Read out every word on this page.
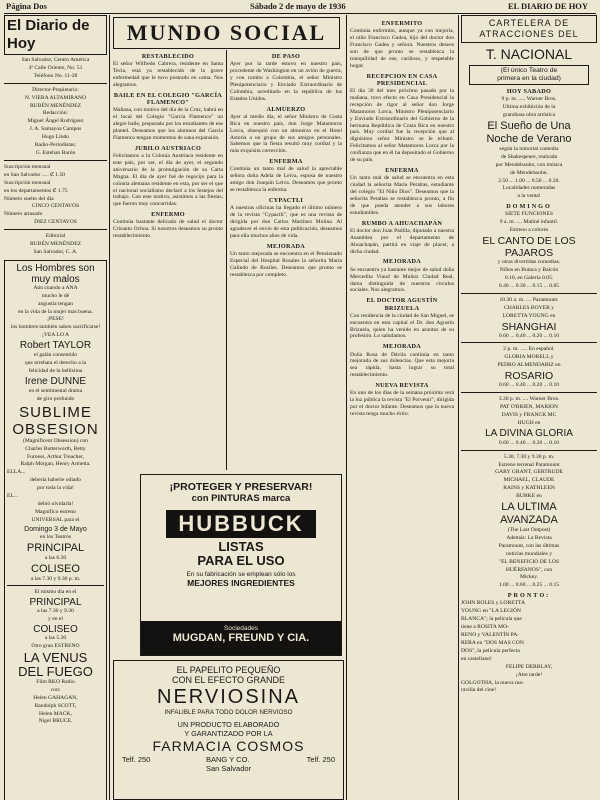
Página Dos	Sábado 2 de mayo de 1936	EL DIARIO DE HOY
El Diario de Hoy
San Salvador, Centro América
4ª Calle Oriente, No. 51
Teléfono No. 11-28
Director-Propietario:
N. VIERA ALTAMIRANO
RUBÉN MENÉNDEZ
Redacción:
Miguel Ángel Rodríguez
J. A. Samayoa Campos
Hugo Lindo
Radio-Periodistas:
G. Esteban Barón
Suscripción mensual
en San Salvador ..... ₡ 1.50
Suscripción mensual
en los departamentos ₡ 1.75
Número suelto del día
CINCO CENTAVOS
Número atrasado
DIEZ CENTAVOS
Editorial
RUBÉN MENÉNDEZ
San Salvador, C. A.
Los Hombres son
muy malos
Aún cuando a ANA
mucho le dé
angustia tengan
en la vida de la mujer más buena.
¡PESE!
los hombres también saben sacrificarse!
¡VEA LO A
Robert TAYLOR
el galán consentido
que arrebata el derecho a la
felicidad de la bellísima
Irene DUNNE
en el sentimental drama
de giro profundo
SUBLIME
OBSESION
(Magnificent Obsession) con
Charles Butterworth, Betty
Furness, Arthur Treacher,
Ralph Morgan, Henry Armetta.
ELLA...
debería haberle odiado
por toda la vida!
EL...
debió olvidarla!
Magnífico estreno
UNIVERSAL para el
Domingo 3 de Mayo
en los Teatros
PRINCIPAL
a las 6.30
COLISEO
a las 7.30 y 9.30 p. m.
El mismo día en el
PRINCIPAL
a las 7.30 y 9.30
y en el
COLISEO
a las 5.30
Otro gran ESTRENO
LA VENUS
DEL FUEGO
Film RKO Radio
con:
Helen GAHAGAN,
Randolph SCOTT,
Helen MACK,
Nigel BRUCE.
MUNDO SOCIAL
RESTABLECIDO
El señor Wilfredo Cabrera, residente en Santa Tecla, está ya restablecido de la grave enfermedad que le tuvo postrado en cama. Nos alegramos.
BAILE EN EL COLEGIO "GARCÍA FLAMENCO"
Mañana, con motivo del día de la Cruz, habrá en el local del Colegio "García Flamenco" un alegre baile, preparado por los estudiantes de ese plantel. Deseamos que los alumnos del García Flamenco tengan momentos de sana expansión.
JUBILO AUSTRIACO
Felicitamos a la Colonia Austriaca residente en este país, por ser, el día de ayer, el segundo aniversario de la promulgación de su Carta Magna. El día de ayer fué de regocijo para la colonia alemana residente en esta, por ser el que el nacional socialismo declaró a los festejos del trabajo. Con este motivo, asistimos a las fiestas, que fueron muy concurridas.
ENFERMO
Continúa bastante delicado de salud el doctor Crisanto Ochoa. Sí nosotros deseamos su pronto restablecimiento.
DE PASO
Ayer por la tarde estuvo en nuestro país, procedente de Washington en un avión de guerra, y con rumbo a Colombia, el señor Ministro Plenipotenciario y Enviado Extraordinario de Colombia, acreditado en la república de los Estados Unidos.
ALMUERZO
Ayer al medio día, el señor Ministro de Costa Rica en nuestro país, don Jorge Matamoros Lorca, obsequió con un almuerzo en el Hotel Astoria a un grupo de sus amigos personales. Sabemos que la fiesta resultó muy cordial y la más exquisita corrección.
ENFERMA
Continúa un tanto mal de salud la apreciable señora doña Adela de Leiva, esposa de nuestro amigo don Joaquín Leiva. Deseamos que pronto se restablezca la enferma.
CYPACTLI
A nuestras oficinas ha llegado el último número de la revista "Cypactli", que es una revista de dirigida por don Carlos Martínez Molina. Al agradecer el envío de esta publicación, deseamos para ella muchos años de vida.
MEJORADA
Un tanto mejorada se encuentra en el Pensionado Especial del Hospital Rosales la señorita María Galindo de Rosiles. Deseamos que pronto se restablezca por completo.
ENFERMITO
Continúa enfermito, aunque ya con mejoría, el niño Francisco Gadea, hijo del doctor don Francisco Gadea y señora. Nuestros deseos son de que pronto se restablezca la tranquilidad de ese, cariñoso, y respetable hogar.
RECEPCION EN CASA PRESIDENCIAL
El día 30 del mes próximo pasado por la mañana, tuvo efecto en Casa Presidencial la recepción de rigor al señor don Jorge Matamoros Lorca, Ministro Plenipotenciario y Enviado Extraordinario del Gobierno de la hermana República de Costa Rica en nuestro país. Muy cordial fue la recepción que al dignísimo señor Ministro se le tributó. Felicitamos al señor Matamoros Lorca por la confianza que en él ha depositado el Gobierno de su país.
ENFERMA
Un tanto mal de salud se encuentra en esta ciudad la señorita María Peraltas, estudiante del colegio "El Niño Dios". Deseamos que la señorita Peraltas se restablezca pronto, a fin de que pueda atender a sus labores estudiantiles.
RUMBO A AHUACHAPÁN
El doctor don Juan Padilla, diputado a nuestra Asamblea por el departamento de Ahuachapán, partirá en viaje de placer, a dicha ciudad.
MEJORADA
Se encuentra ya bastante mejor de salud doña Mercedita Viaud de Muñoz Ciudad Real, dama distinguida de nuestros círculos sociales. Nos alegramos.
EL DOCTOR AGUSTÍN BRIZUELA
Con residencia de la ciudad de San Miguel, se encuentra en esta capital el Dr. don Agustín Brizuela, quien ha venido en asuntos de su profesión. Lo saludamos.
MEJORADA
Doña Rosa de Dávila continúa en tanto mejorada de sus dolencias. Que esta mejoría sea rápida, hasta lograr su total restablecimiento.
NUEVA REVISTA
En uno de los días de la semana próxima verá la luz pública la revista "El Porvenir", dirigida por el doctor Infante. Deseamos que la nueva revista tenga mucho éxito.
¡PROTEGER Y PRESERVAR!
con PINTURAS marca
HUBBUCK
LISTAS
PARA EL USO
En su fabricación se emplean sólo los
MEJORES INGREDIENTES
Sociedades
MUGDAN, FREUND Y CIA.
EL PAPELITO PEQUEÑO
CON EL EFECTO GRANDE
NERVIOSINA
INFALIBLE PARA TODO DOLOR NERVIOSO
UN PRODUCTO ELABORADO
Y GARANTIZADO POR LA
FARMACIA COSMOS
Telf. 250	BANG Y CO.
San Salvador
Telf. 250
CARTELERA DE
ATRACCIONES DEL
T. NACIONAL
(El único Teatro de
primera en la ciudad)
HOY SABADO
9 p. m. ..... Warner Bros.
Ultima exhibición de la
grandiosa obra artística
El Sueño de Una
Noche de Verano
según la inmortal comedia
de Shakespeare, realzada
por Mendelssohn, con música
de Mendelssohn.
2.50 ... 1.00 ... 0.50 ... 0.20.
Localidades numeradas
a la venta!
DOMINGO
SIETE FUNCIONES
9 a. m. .... Matiné infantil.
Estreno a colores
EL CANTO DE LOS
PAJAROS
y otras divertidas comedias.
Niños en Butaca y Balcón
0.10, en Galería 0.05.
0.40 ... 0.30 ... 0.15 ... 0.05
10.30 a. m. .... Paramount.
CHARLES BOYER y
LORETTA YOUNG en
SHANGHAI
0.60 ... 0.40 ... 0.20 ... 0.10
2 p. m. ..... En español.
GLORIA MORELL y
PEDRO ALMENDARIZ en
ROSARIO
0.60 ... 0.40 ... 0.20 ... 0.10
3.30 p. m. .... Warner Bros.
PAT O'BRIEN, MARION
DAVIS y FRANCK MC
HUGH en
LA DIVINA GLORIA
0.60 ... 0.40 ... 0.20 ... 0.10
5.30, 7.30 y 9.30 p. m.
Estreno terrenal Paramount
GARY GRANT, GERTRUDE
MICHAEL, CLAUDE
RAINS y KATHLEEN
BURKE en
LA ULTIMA
AVANZADA
(The Last Outpost)
Además: La Revista
Paramount, con las últimas
noticias mundiales y
"EL BENEFICIO DE LOS
HUÉRFANOS", con
Mickey.
1.00 ... 0.60 ... 0.25 ... 0.15
PRONTO:
JOHN BOLES y LORETTA
YOUNG en "LA LEGIÓN
BLANCA"; la película que
tiene a ROSITA MO-
RENO y VALENTÍN PA-
RERA en "DOS MAS CON
DOS", la película perfecta
en castellano!
FELIPE DERBLAY,
¡Atre tarde!
GOLGOTHA, la nueva ma-
ravilla del cine!
